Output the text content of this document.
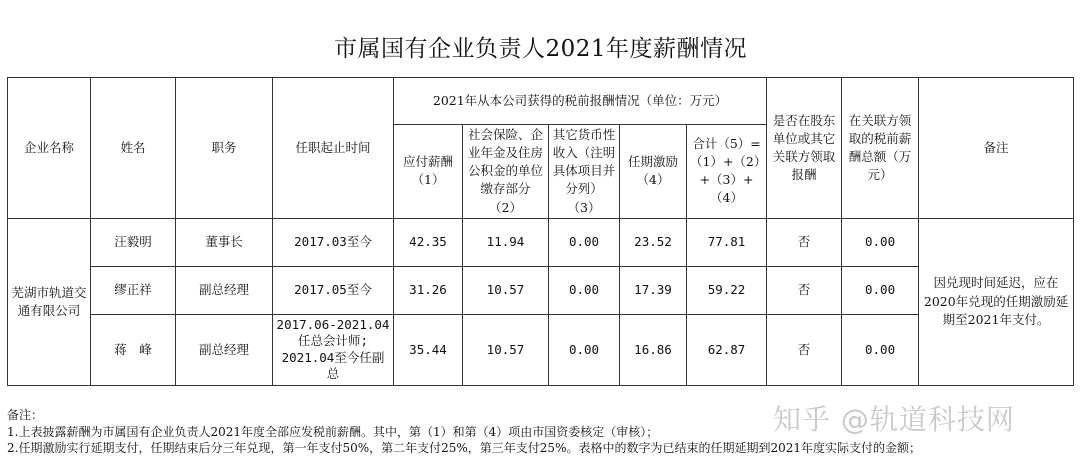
市属国有企业负责人2021年度薪酬情况
企业名称	姓名	职务	任职起止时间	2021年从本公司获得的税前报酬情况（单位：万元）					是否在股东
单位或其它
关联方领取
报酬	在关联方领
取的税前薪
酬总额（万
元）	备注
				应付薪酬
（1）	社会保险、企
业年金及住房
公积金的单位
缴存部分
（2）	其它货币性
收入（注明
具体项目并
分列）
（3）	任期激励
（4）	合计（5）=
（1）+（2）
+（3）+
（4）			
芜湖市轨道交
通有限公司	汪毅明	董事长	2017.03至今	42.35	11.94	0.00	23.52	77.81	否	0.00	因兑现时间延迟，应在
2020年兑现的任期激励延
期至2021年支付。
	缪正祥	副总经理	2017.05至今	31.26	10.57	0.00	17.39	59.22	否	0.00	
	蒋　峰	副总经理	2017.06-2021.04
任总会计师;
2021.04至今任副
总	35.44	10.57	0.00	16.86	62.87	否	0.00	
备注：
1.上表披露薪酬为市属国有企业负责人2021年度全部应发税前薪酬。其中，第（1）和第（4）项由市国资委核定（审核）；
2.任期激励实行延期支付，任期结束后分三年兑现，第一年支付50%，第二年支付25%，第三年支付25%。表格中的数字为已结束的任期延期到2021年度实际支付的金额；
知乎 @轨道科技网
